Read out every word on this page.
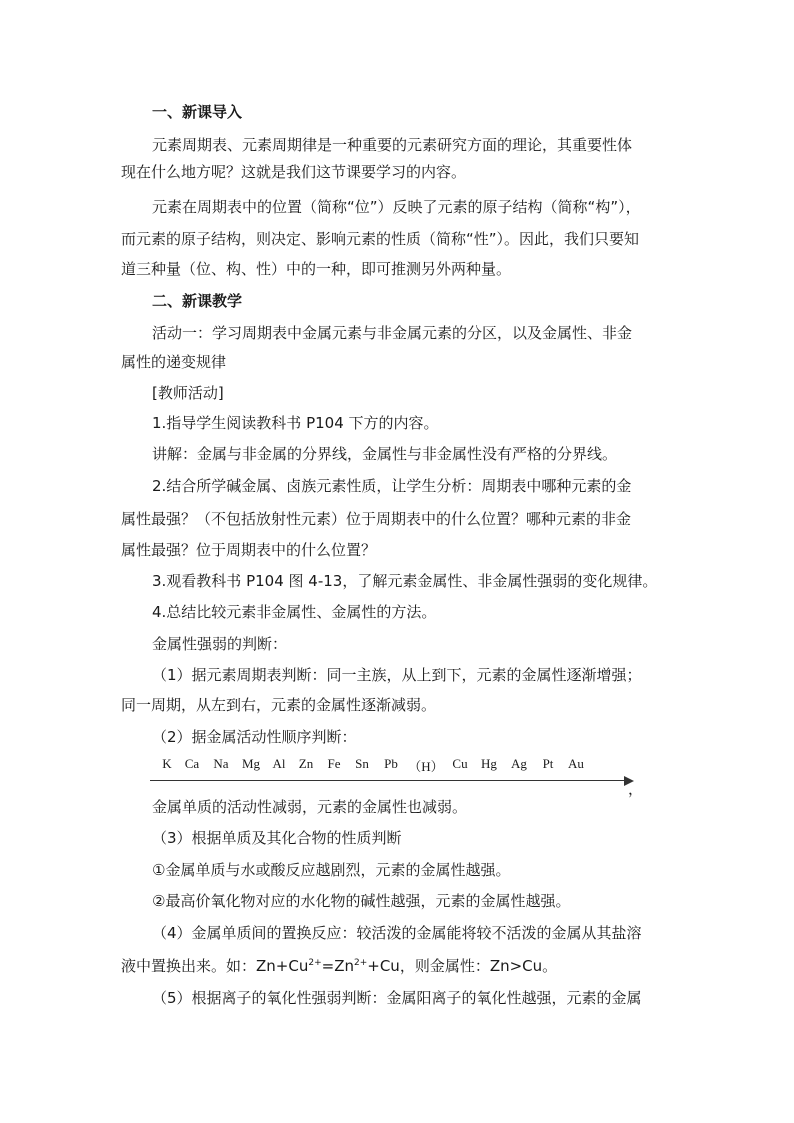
一、新课导入
元素周期表、元素周期律是一种重要的元素研究方面的理论，其重要性体
现在什么地方呢？这就是我们这节课要学习的内容。
元素在周期表中的位置（简称“位”）反映了元素的原子结构（简称“构”），
而元素的原子结构，则决定、影响元素的性质（简称“性”）。因此，我们只要知
道三种量（位、构、性）中的一种，即可推测另外两种量。
二、新课教学
活动一：学习周期表中金属元素与非金属元素的分区，以及金属性、非金
属性的递变规律
[教师活动]
1.指导学生阅读教科书 P104 下方的内容。
讲解：金属与非金属的分界线，金属性与非金属性没有严格的分界线。
2.结合所学碱金属、卤族元素性质，让学生分析：周期表中哪种元素的金
属性最强？（不包括放射性元素）位于周期表中的什么位置？哪种元素的非金
属性最强？位于周期表中的什么位置？
3.观看教科书 P104 图 4-13，了解元素金属性、非金属性强弱的变化规律。
4.总结比较元素非金属性、金属性的方法。
金属性强弱的判断：
（1）据元素周期表判断：同一主族，从上到下，元素的金属性逐渐增强；
同一周期，从左到右，元素的金属性逐渐减弱。
（2）据金属活动性顺序判断：
K	Ca	Na	Mg Al	Zn	Fe	Sn	Pb （H） Cu	Hg	Ag	Pt	Au
，
金属单质的活动性减弱，元素的金属性也减弱。
（3）根据单质及其化合物的性质判断
①金属单质与水或酸反应越剧烈，元素的金属性越强。
②最高价氧化物对应的水化物的碱性越强，元素的金属性越强。
（4）金属单质间的置换反应：较活泼的金属能将较不活泼的金属从其盐溶
液中置换出来。如：$Zn+Cu^{2+}=Zn^{2+}+Cu$，则金属性：Zn>Cu。
（5）根据离子的氧化性强弱判断：金属阳离子的氧化性越强，元素的金属
